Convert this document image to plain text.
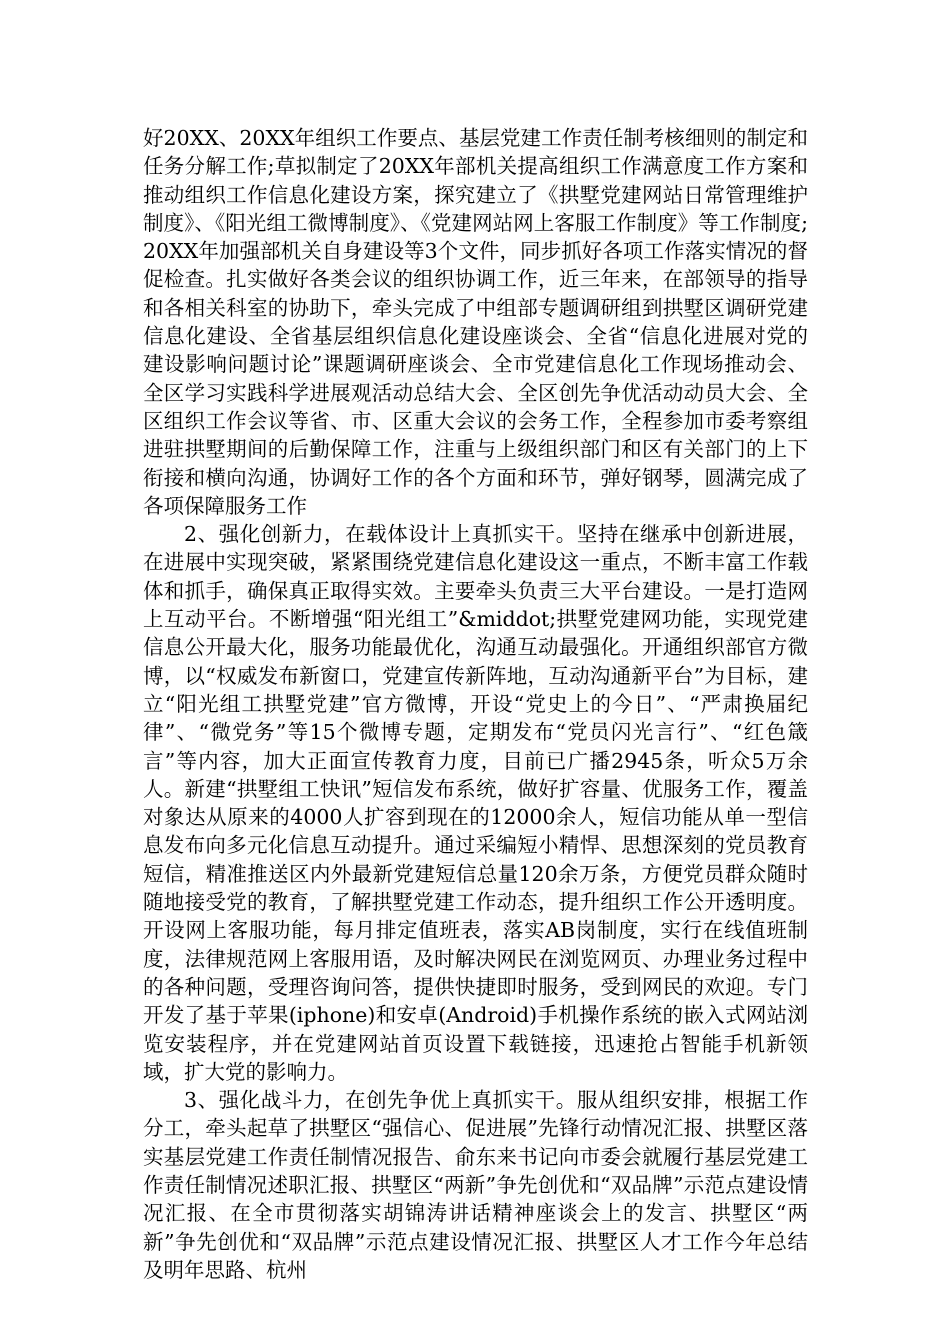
好20XX、20XX年组织工作要点、基层党建工作责任制考核细则的制定和任务分解工作;草拟制定了20XX年部机关提高组织工作满意度工作方案和推动组织工作信息化建设方案，探究建立了《拱墅党建网站日常管理维护制度》、《阳光组工微博制度》、《党建网站网上客服工作制度》等工作制度;20XX年加强部机关自身建设等3个文件，同步抓好各项工作落实情况的督促检查。扎实做好各类会议的组织协调工作，近三年来，在部领导的指导和各相关科室的协助下，牵头完成了中组部专题调研组到拱墅区调研党建信息化建设、全省基层组织信息化建设座谈会、全省“信息化进展对党的建设影响问题讨论”课题调研座谈会、全市党建信息化工作现场推动会、全区学习实践科学进展观活动总结大会、全区创先争优活动动员大会、全区组织工作会议等省、市、区重大会议的会务工作，全程参加市委考察组进驻拱墅期间的后勤保障工作，注重与上级组织部门和区有关部门的上下衔接和横向沟通，协调好工作的各个方面和环节，弹好钢琴，圆满完成了各项保障服务工作

2、强化创新力，在载体设计上真抓实干。坚持在继承中创新进展，在进展中实现突破，紧紧围绕党建信息化建设这一重点，不断丰富工作载体和抓手，确保真正取得实效。主要牵头负责三大平台建设。一是打造网上互动平台。不断增强“阳光组工”&middot;拱墅党建网功能，实现党建信息公开最大化，服务功能最优化，沟通互动最强化。开通组织部官方微博，以“权威发布新窗口，党建宣传新阵地，互动沟通新平台”为目标，建立“阳光组工拱墅党建”官方微博，开设“党史上的今日”、“严肃换届纪律”、“微党务”等15个微博专题，定期发布“党员闪光言行”、“红色箴言”等内容，加大正面宣传教育力度，目前已广播2945条，听众5万余人。新建“拱墅组工快讯”短信发布系统，做好扩容量、优服务工作，覆盖对象达从原来的4000人扩容到现在的12000余人，短信功能从单一型信息发布向多元化信息互动提升。通过采编短小精悍、思想深刻的党员教育短信，精准推送区内外最新党建短信总量120余万条，方便党员群众随时随地接受党的教育，了解拱墅党建工作动态，提升组织工作公开透明度。开设网上客服功能，每月排定值班表，落实AB岗制度，实行在线值班制度，法律规范网上客服用语，及时解决网民在浏览网页、办理业务过程中的各种问题，受理咨询问答，提供快捷即时服务，受到网民的欢迎。专门开发了基于苹果(iphone)和安卓(Android)手机操作系统的嵌入式网站浏览安装程序，并在党建网站首页设置下载链接，迅速抢占智能手机新领域，扩大党的影响力。

3、强化战斗力，在创先争优上真抓实干。服从组织安排，根据工作分工，牵头起草了拱墅区“强信心、促进展”先锋行动情况汇报、拱墅区落实基层党建工作责任制情况报告、俞东来书记向市委会就履行基层党建工作责任制情况述职汇报、拱墅区“两新”争先创优和“双品牌”示范点建设情况汇报、在全市贯彻落实胡锦涛讲话精神座谈会上的发言、拱墅区“两新”争先创优和“双品牌”示范点建设情况汇报、拱墅区人才工作今年总结及明年思路、杭州
